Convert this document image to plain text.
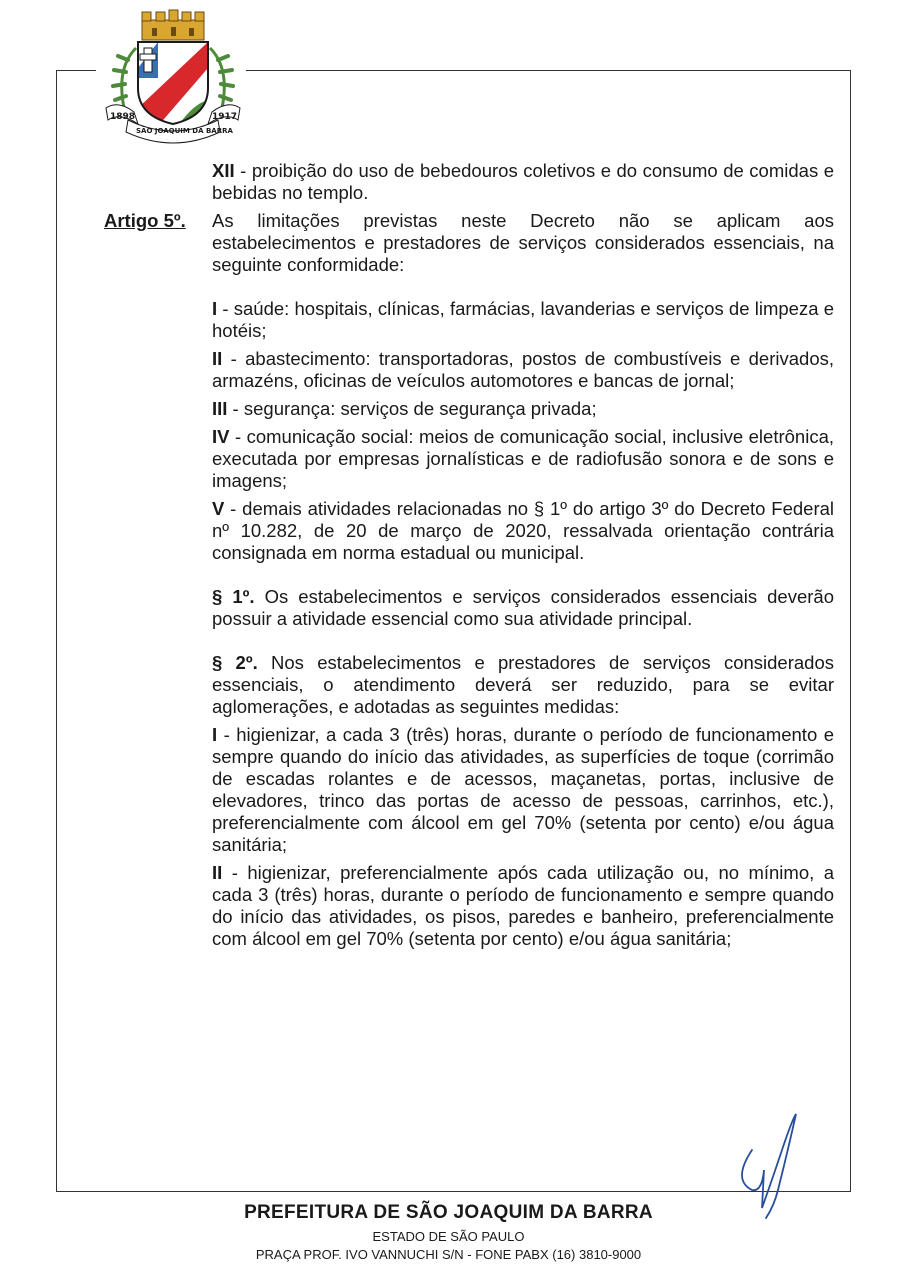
1898	1917
SÃO JOAQUIM DA BARRA

XII - proibição do uso de bebedouros coletivos e do consumo de comidas e bebidas no templo.

Artigo 5º.	As limitações previstas neste Decreto não se aplicam aos estabelecimentos e prestadores de serviços considerados essenciais, na seguinte conformidade:

I - saúde: hospitais, clínicas, farmácias, lavanderias e serviços de limpeza e hotéis;

II - abastecimento: transportadoras, postos de combustíveis e derivados, armazéns, oficinas de veículos automotores e bancas de jornal;

III - segurança: serviços de segurança privada;

IV - comunicação social: meios de comunicação social, inclusive eletrônica, executada por empresas jornalísticas e de radiofusão sonora e de sons e imagens;

V - demais atividades relacionadas no § 1º do artigo 3º do Decreto Federal nº 10.282, de 20 de março de 2020, ressalvada orientação contrária consignada em norma estadual ou municipal.

§ 1º. Os estabelecimentos e serviços considerados essenciais deverão possuir a atividade essencial como sua atividade principal.

§ 2º. Nos estabelecimentos e prestadores de serviços considerados essenciais, o atendimento deverá ser reduzido, para se evitar aglomerações, e adotadas as seguintes medidas:

I - higienizar, a cada 3 (três) horas, durante o período de funcionamento e sempre quando do início das atividades, as superfícies de toque (corrimão de escadas rolantes e de acessos, maçanetas, portas, inclusive de elevadores, trinco das portas de acesso de pessoas, carrinhos, etc.), preferencialmente com álcool em gel 70% (setenta por cento) e/ou água sanitária;

II - higienizar, preferencialmente após cada utilização ou, no mínimo, a cada 3 (três) horas, durante o período de funcionamento e sempre quando do início das atividades, os pisos, paredes e banheiro, preferencialmente com álcool em gel 70% (setenta por cento) e/ou água sanitária;

PREFEITURA DE SÃO JOAQUIM DA BARRA
ESTADO DE SÃO PAULO
PRAÇA PROF. IVO VANNUCHI S/N - FONE PABX (16) 3810-9000
